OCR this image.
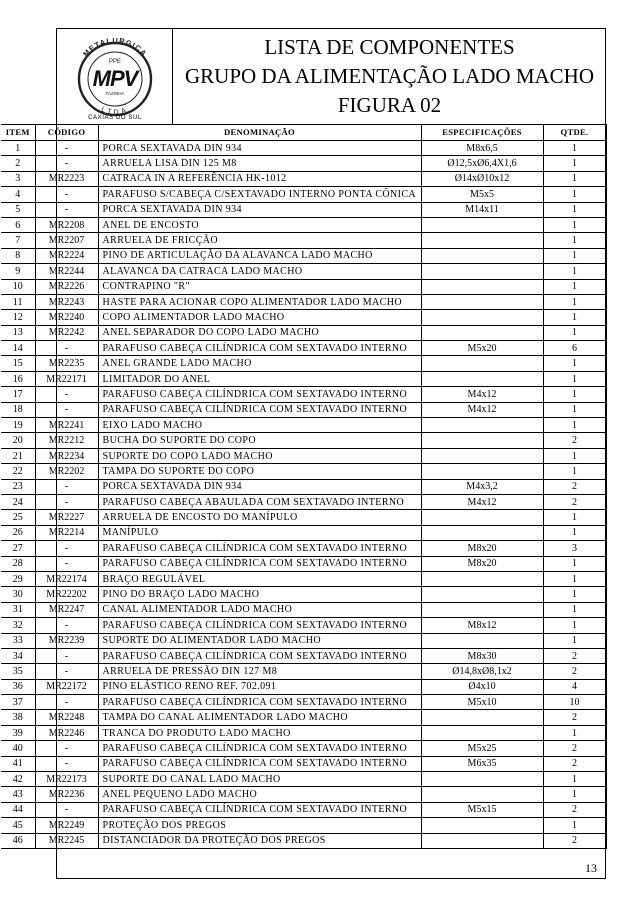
METALURGICA
PPE
MPV
FAZINHA
LTDA
CAXIAS DO SUL
LISTA DE COMPONENTES
GRUPO DA ALIMENTAÇÃO LADO MACHO
FIGURA 02
ITEM	CÓDIGO	DENOMINAÇÃO	ESPECIFICAÇÕES	QTDE.
1	-	PORCA SEXTAVADA DIN 934	M8x6,5	1
2	-	ARRUELA LISA DIN 125 M8	Ø12,5xØ6,4X1,6	1
3	MR2223	CATRACA IN A REFERÊNCIA HK-1012	Ø14xØ10x12	1
4	-	PARAFUSO S/CABEÇA C/SEXTAVADO INTERNO PONTA CÔNICA	M5x5	1
5	-	PORCA SEXTAVADA DIN 934	M14x11	1
6	MR2208	ANEL DE ENCOSTO		1
7	MR2207	ARRUELA DE FRICÇÃO		1
8	MR2224	PINO DE ARTICULAÇÃO DA ALAVANCA LADO MACHO		1
9	MR2244	ALAVANCA DA CATRACA LADO MACHO		1
10	MR2226	CONTRAPINO "R"		1
11	MR2243	HASTE PARA ACIONAR COPO ALIMENTADOR LADO MACHO		1
12	MR2240	COPO ALIMENTADOR LADO MACHO		1
13	MR2242	ANEL SEPARADOR DO COPO LADO MACHO		1
14	-	PARAFUSO CABEÇA CILÍNDRICA COM SEXTAVADO INTERNO	M5x20	6
15	MR2235	ANEL GRANDE LADO MACHO		1
16	MR22171	LIMITADOR DO ANEL		1
17	-	PARAFUSO CABEÇA CILÍNDRICA COM SEXTAVADO INTERNO	M4x12	1
18	-	PARAFUSO CABEÇA CILÍNDRICA COM SEXTAVADO INTERNO	M4x12	1
19	MR2241	EIXO LADO MACHO		1
20	MR2212	BUCHA DO SUPORTE DO COPO		2
21	MR2234	SUPORTE DO COPO LADO MACHO		1
22	MR2202	TAMPA DO SUPORTE DO COPO		1
23	-	PORCA SEXTAVADA DIN 934	M4x3,2	2
24	-	PARAFUSO CABEÇA ABAULADA COM SEXTAVADO INTERNO	M4x12	2
25	MR2227	ARRUELA DE ENCOSTO DO MANÍPULO		1
26	MR2214	MANÍPULO		1
27	-	PARAFUSO CABEÇA CILÍNDRICA COM SEXTAVADO INTERNO	M8x20	3
28	-	PARAFUSO CABEÇA CILÍNDRICA COM SEXTAVADO INTERNO	M8x20	1
29	MR22174	BRAÇO REGULÁVEL		1
30	MR22202	PINO DO BRAÇO LADO MACHO		1
31	MR2247	CANAL ALIMENTADOR LADO MACHO		1
32	-	PARAFUSO CABEÇA CILÍNDRICA COM SEXTAVADO INTERNO	M8x12	1
33	MR2239	SUPORTE DO ALIMENTADOR LADO MACHO		1
34	-	PARAFUSO CABEÇA CILÍNDRICA COM SEXTAVADO INTERNO	M8x30	2
35	-	ARRUELA DE PRESSÃO DIN 127 M8	Ø14,8xØ8,1x2	2
36	MR22172	PINO ELÁSTICO RENO REF. 702.091	Ø4x10	4
37	-	PARAFUSO CABEÇA CILÍNDRICA COM SEXTAVADO INTERNO	M5x10	10
38	MR2248	TAMPA DO CANAL ALIMENTADOR LADO MACHO		2
39	MR2246	TRANCA DO PRODUTO LADO MACHO		1
40	-	PARAFUSO CABEÇA CILÍNDRICA COM SEXTAVADO INTERNO	M5x25	2
41	-	PARAFUSO CABEÇA CILÍNDRICA COM SEXTAVADO INTERNO	M6x35	2
42	MR22173	SUPORTE DO CANAL LADO MACHO		1
43	MR2236	ANEL PEQUENO LADO MACHO		1
44	-	PARAFUSO CABEÇA CILÍNDRICA COM SEXTAVADO INTERNO	M5x15	2
45	MR2249	PROTEÇÃO DOS PREGOS		1
46	MR2245	DISTANCIADOR DA PROTEÇÃO DOS PREGOS		2
13
